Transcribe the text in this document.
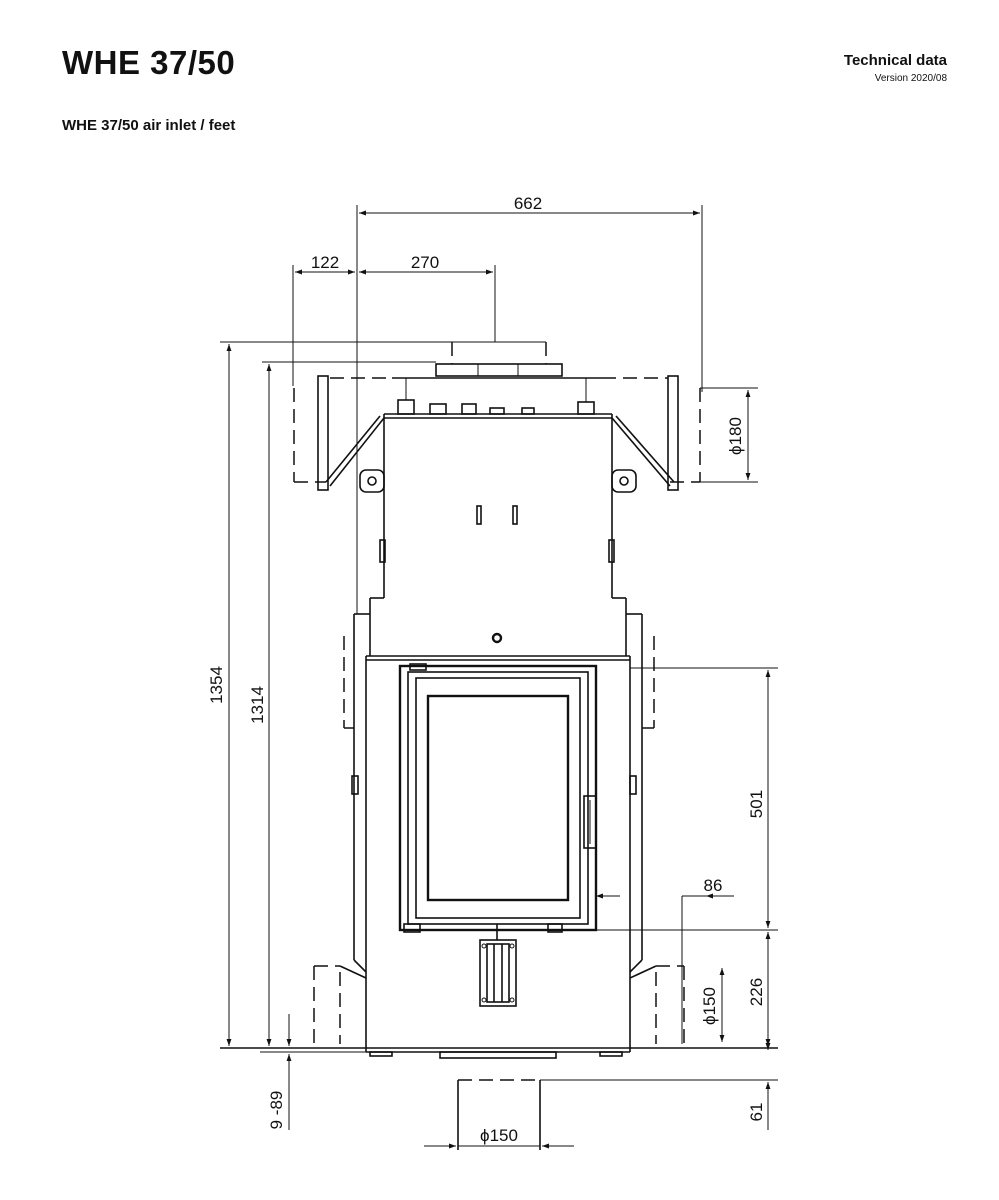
WHE 37/50	Technical data
Version 2020/08
WHE 37/50 air inlet / feet
662
122	270
1354
1314
ϕ180
501
86
226
ϕ150
9 -89	61
ϕ150
